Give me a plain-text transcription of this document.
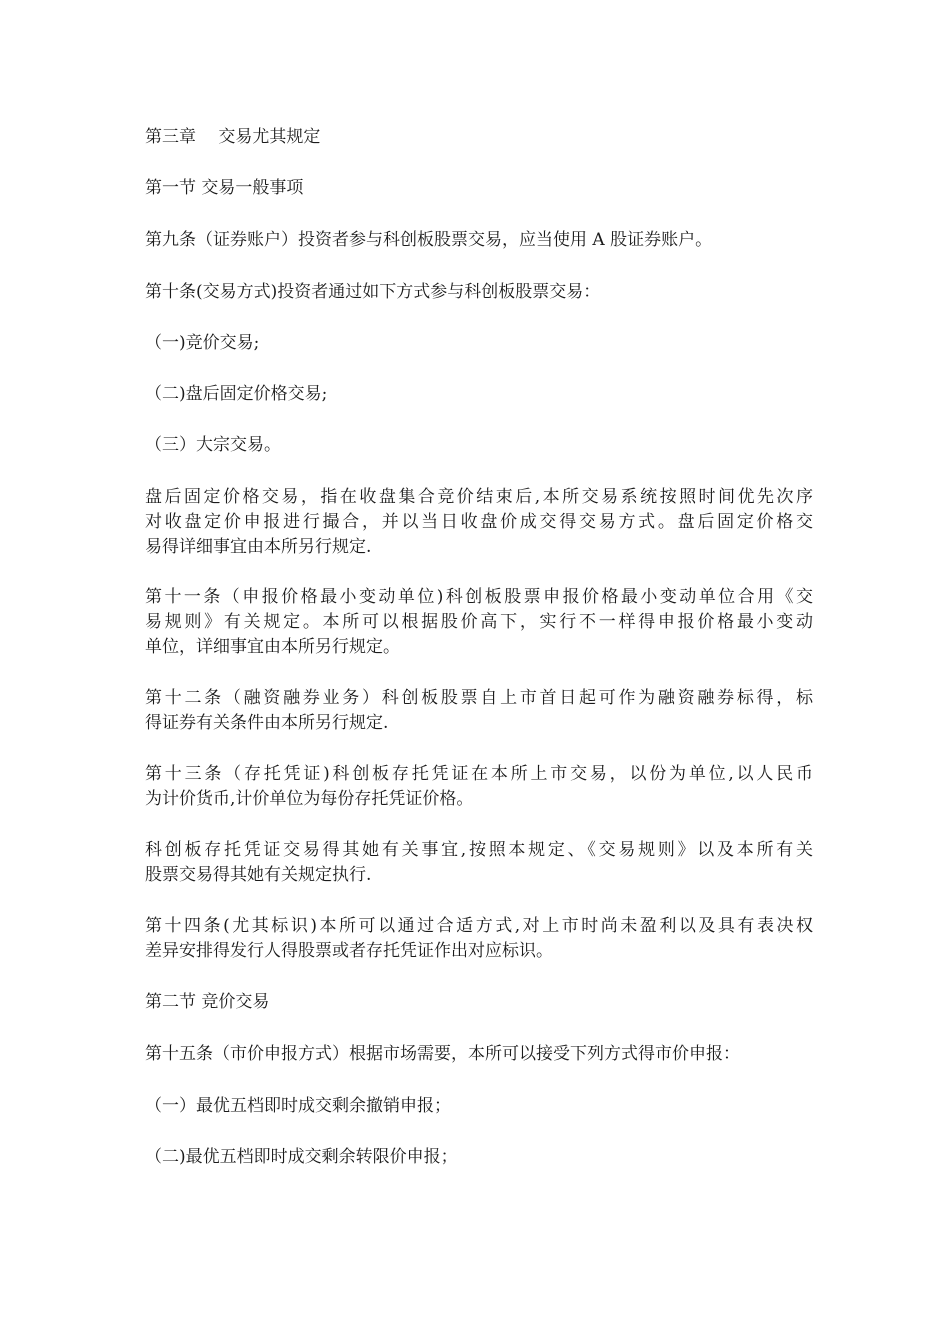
第三章　 交易尤其规定
第一节 交易一般事项
第九条（证券账户）投资者参与科创板股票交易，应当使用 A 股证券账户。
第十条(交易方式)投资者通过如下方式参与科创板股票交易：
（一)竞价交易;
（二)盘后固定价格交易;
（三）大宗交易。
盘后固定价格交易，指在收盘集合竞价结束后,本所交易系统按照时间优先次序
对收盘定价申报进行撮合，并以当日收盘价成交得交易方式。盘后固定价格交
易得详细事宜由本所另行规定.
第十一条（申报价格最小变动单位)科创板股票申报价格最小变动单位合用《交
易规则》有关规定。本所可以根据股价高下，实行不一样得申报价格最小变动
单位，详细事宜由本所另行规定。
第十二条（融资融券业务）科创板股票自上市首日起可作为融资融券标得，标
得证券有关条件由本所另行规定.
第十三条（存托凭证)科创板存托凭证在本所上市交易，以份为单位,以人民币
为计价货币,计价单位为每份存托凭证价格。
科创板存托凭证交易得其她有关事宜,按照本规定、《交易规则》以及本所有关
股票交易得其她有关规定执行.
第十四条(尤其标识)本所可以通过合适方式,对上市时尚未盈利以及具有表决权
差异安排得发行人得股票或者存托凭证作出对应标识。
第二节 竞价交易
第十五条（市价申报方式）根据市场需要，本所可以接受下列方式得市价申报：
（一）最优五档即时成交剩余撤销申报；
（二)最优五档即时成交剩余转限价申报；
